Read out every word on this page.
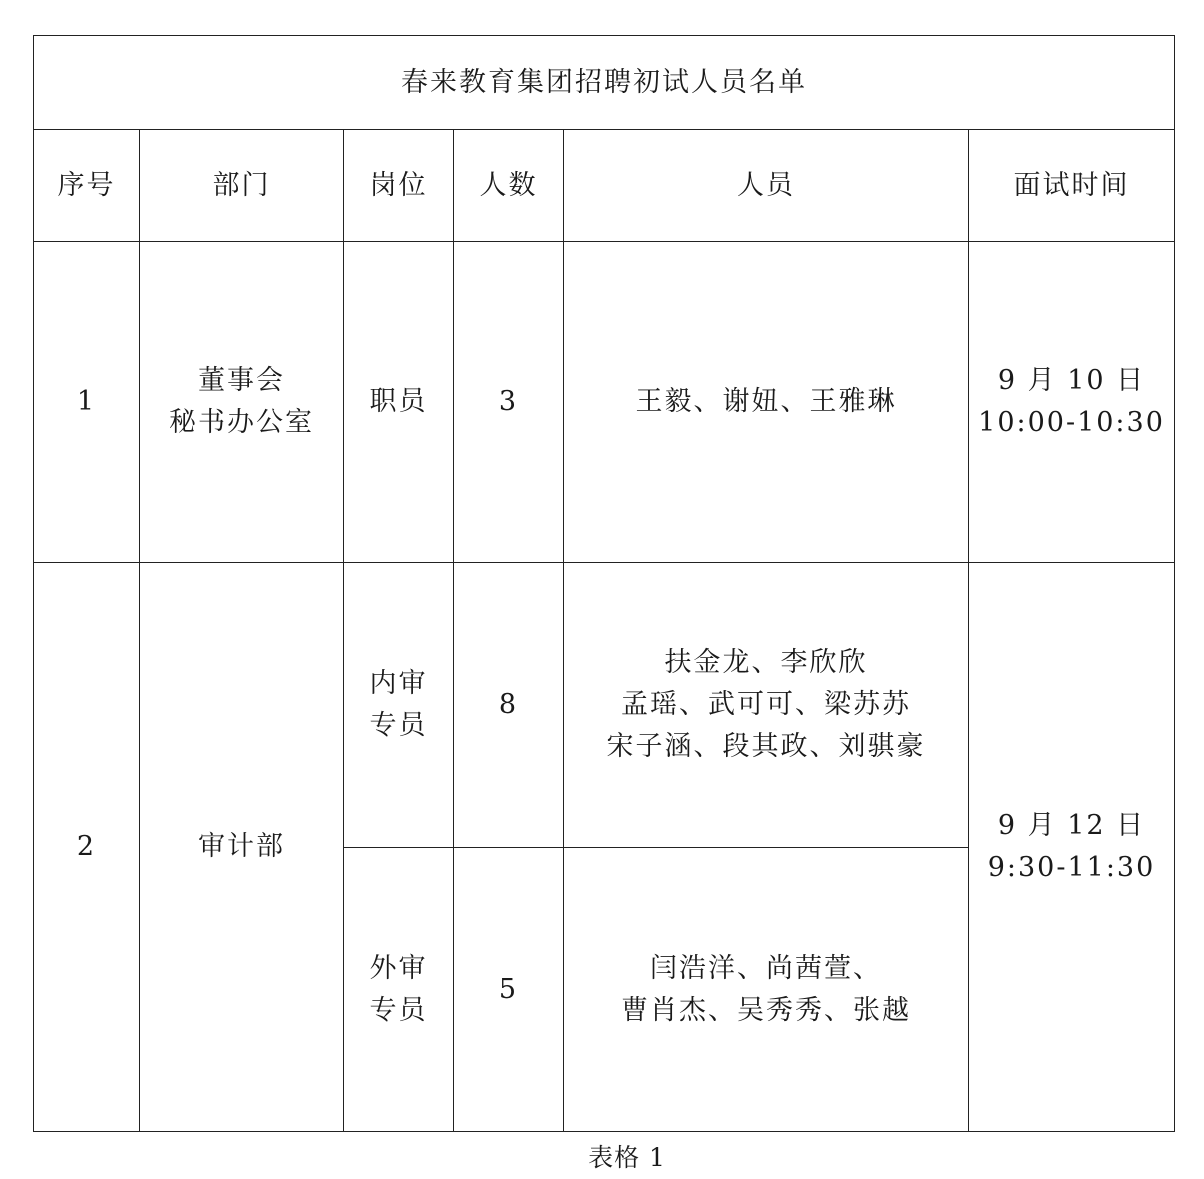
春来教育集团招聘初试人员名单					
序号	部门	岗位	人数	人员	面试时间
1	董事会
秘书办公室	职员	3	王毅、谢妞、王雅琳	9 月 10 日
10:00-10:30

2	审计部	内审
专员	8	扶金龙、李欣欣
孟瑶、武可可、梁苏苏
宋子涵、段其政、刘骐豪	9 月 12 日
9:30-11:30

		外审
专员	5	闫浩洋、尚茜萱、
曹肖杰、吴秀秀、张越	
表格 1
